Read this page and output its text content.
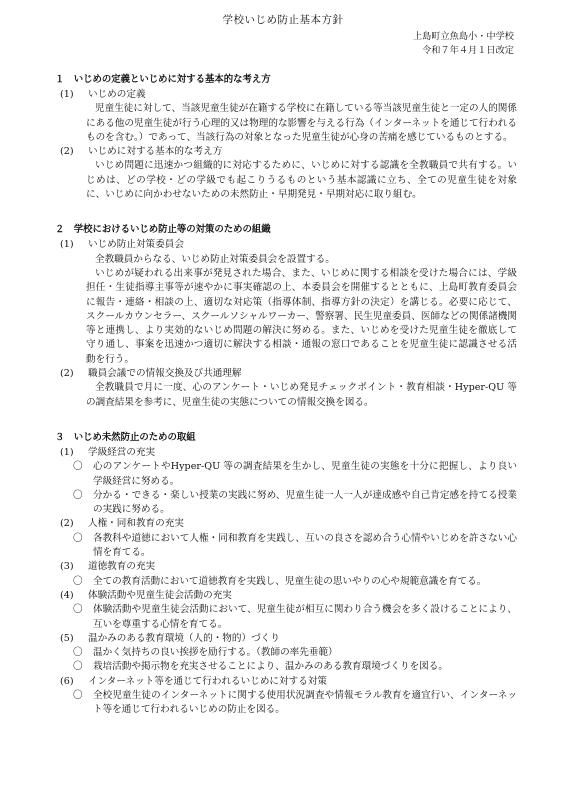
学校いじめ防止基本方針
上島町立魚島小・中学校
令和７年４月１日改定
１　いじめの定義といじめに対する基本的な考え方
(1)	いじめの定義
児童生徒に対して、当該児童生徒が在籍する学校に在籍している等当該児童生徒と一定の人的関係にある他の児童生徒が行う心理的又は物理的な影響を与える行為（インターネットを通じて行われるものを含む。）であって、当該行為の対象となった児童生徒が心身の苦痛を感じているものとする。
(2)	いじめに対する基本的な考え方
いじめ問題に迅速かつ組織的に対応するために、いじめに対する認識を全教職員で共有する。いじめは、どの学校・どの学級でも起こりうるものという基本認識に立ち、全ての児童生徒を対象に、いじめに向かわせないための未然防止・早期発見・早期対応に取り組む。
２　学校におけるいじめ防止等の対策のための組織
(1)	いじめ防止対策委員会
全教職員からなる、いじめ防止対策委員会を設置する。
いじめが疑われる出来事が発見された場合、また、いじめに関する相談を受けた場合には、学級担任・生徒指導主事等が速やかに事実確認の上、本委員会を開催するとともに、上島町教育委員会に報告・連絡・相談の上、適切な対応策（指導体制、指導方針の決定）を講じる。必要に応じて、スクールカウンセラー、スクールソシャルワーカー、警察署、民生児童委員、医師などの関係諸機関等と連携し、より実効的ないじめ問題の解決に努める。また、いじめを受けた児童生徒を徹底して守り通し、事案を迅速かつ適切に解決する相談・通報の窓口であることを児童生徒に認識させる活動を行う。
(2)	職員会議での情報交換及び共通理解
全教職員で月に一度、心のアンケート・いじめ発見チェックポイント・教育相談・Hyper-QU 等の調査結果を参考に、児童生徒の実態についての情報交換を図る。
３　いじめ未然防止のための取組
(1)	学級経営の充実
〇	心のアンケートやHyper-QU 等の調査結果を生かし、児童生徒の実態を十分に把握し、より良い学級経営に努める。
〇	分かる・できる・楽しい授業の実践に努め、児童生徒一人一人が達成感や自己肯定感を持てる授業の実践に努める。
(2)	人権・同和教育の充実
〇	各教科や道徳において人権・同和教育を実践し、互いの良さを認め合う心情やいじめを許さない心情を育てる。
(3)	道徳教育の充実
〇	全ての教育活動において道徳教育を実践し、児童生徒の思いやりの心や規範意識を育てる。
(4)	体験活動や児童生徒会活動の充実
〇	体験活動や児童生徒会活動において、児童生徒が相互に関わり合う機会を多く設けることにより、互いを尊重する心情を育てる。
(5)	温かみのある教育環境（人的・物的）づくり
〇	温かく気持ちの良い挨拶を励行する。（教師の率先垂範）
〇	栽培活動や掲示物を充実させることにより、温かみのある教育環境づくりを図る。
(6)	インターネット等を通じて行われるいじめに対する対策
〇	全校児童生徒のインターネットに関する使用状況調査や情報モラル教育を適宜行い、インターネット等を通じて行われるいじめの防止を図る。
